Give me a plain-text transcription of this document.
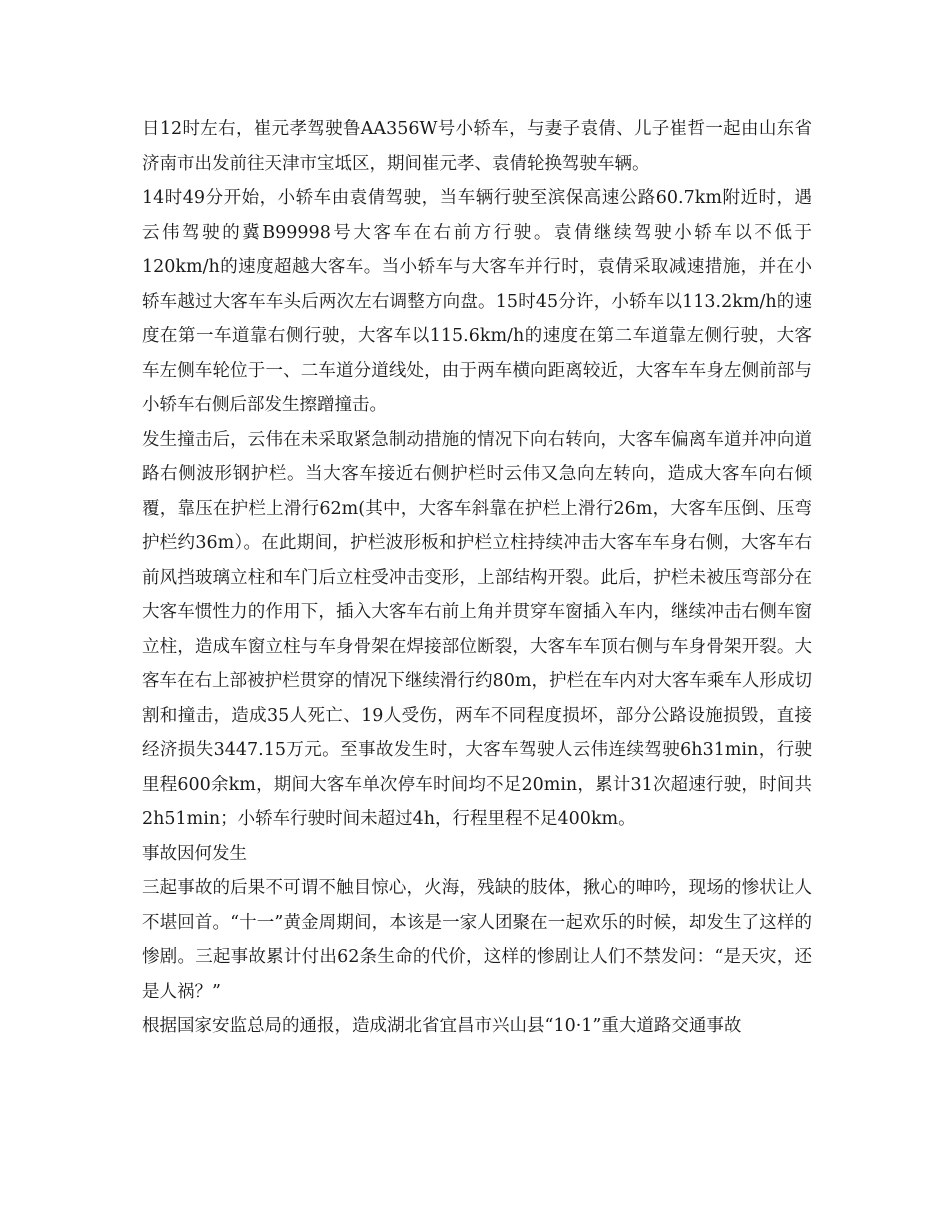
日12时左右，崔元孝驾驶鲁AA356W号小轿车，与妻子袁倩、儿子崔哲一起由山东省济南市出发前往天津市宝坻区，期间崔元孝、袁倩轮换驾驶车辆。

14时49分开始，小轿车由袁倩驾驶，当车辆行驶至滨保高速公路60.7km附近时，遇云伟驾驶的冀B99998号大客车在右前方行驶。袁倩继续驾驶小轿车以不低于120km/h的速度超越大客车。当小轿车与大客车并行时，袁倩采取减速措施，并在小轿车越过大客车车头后两次左右调整方向盘。15时45分许，小轿车以113.2km/h的速度在第一车道靠右侧行驶，大客车以115.6km/h的速度在第二车道靠左侧行驶，大客车左侧车轮位于一、二车道分道线处，由于两车横向距离较近，大客车车身左侧前部与小轿车右侧后部发生擦蹭撞击。

发生撞击后，云伟在未采取紧急制动措施的情况下向右转向，大客车偏离车道并冲向道路右侧波形钢护栏。当大客车接近右侧护栏时云伟又急向左转向，造成大客车向右倾覆，靠压在护栏上滑行62m(其中，大客车斜靠在护栏上滑行26m，大客车压倒、压弯护栏约36m）。在此期间，护栏波形板和护栏立柱持续冲击大客车车身右侧，大客车右前风挡玻璃立柱和车门后立柱受冲击变形，上部结构开裂。此后，护栏未被压弯部分在大客车惯性力的作用下，插入大客车右前上角并贯穿车窗插入车内，继续冲击右侧车窗立柱，造成车窗立柱与车身骨架在焊接部位断裂，大客车车顶右侧与车身骨架开裂。大客车在右上部被护栏贯穿的情况下继续滑行约80m，护栏在车内对大客车乘车人形成切割和撞击，造成35人死亡、19人受伤，两车不同程度损坏，部分公路设施损毁，直接经济损失3447.15万元。至事故发生时，大客车驾驶人云伟连续驾驶6h31min，行驶里程600余km，期间大客车单次停车时间均不足20min，累计31次超速行驶，时间共2h51min；小轿车行驶时间未超过4h，行程里程不足400km。

事故因何发生

三起事故的后果不可谓不触目惊心，火海，残缺的肢体，揪心的呻吟，现场的惨状让人不堪回首。“十一”黄金周期间，本该是一家人团聚在一起欢乐的时候，却发生了这样的惨剧。三起事故累计付出62条生命的代价，这样的惨剧让人们不禁发问：“是天灾，还是人祸？”

根据国家安监总局的通报，造成湖北省宜昌市兴山县“10·1”重大道路交通事故
